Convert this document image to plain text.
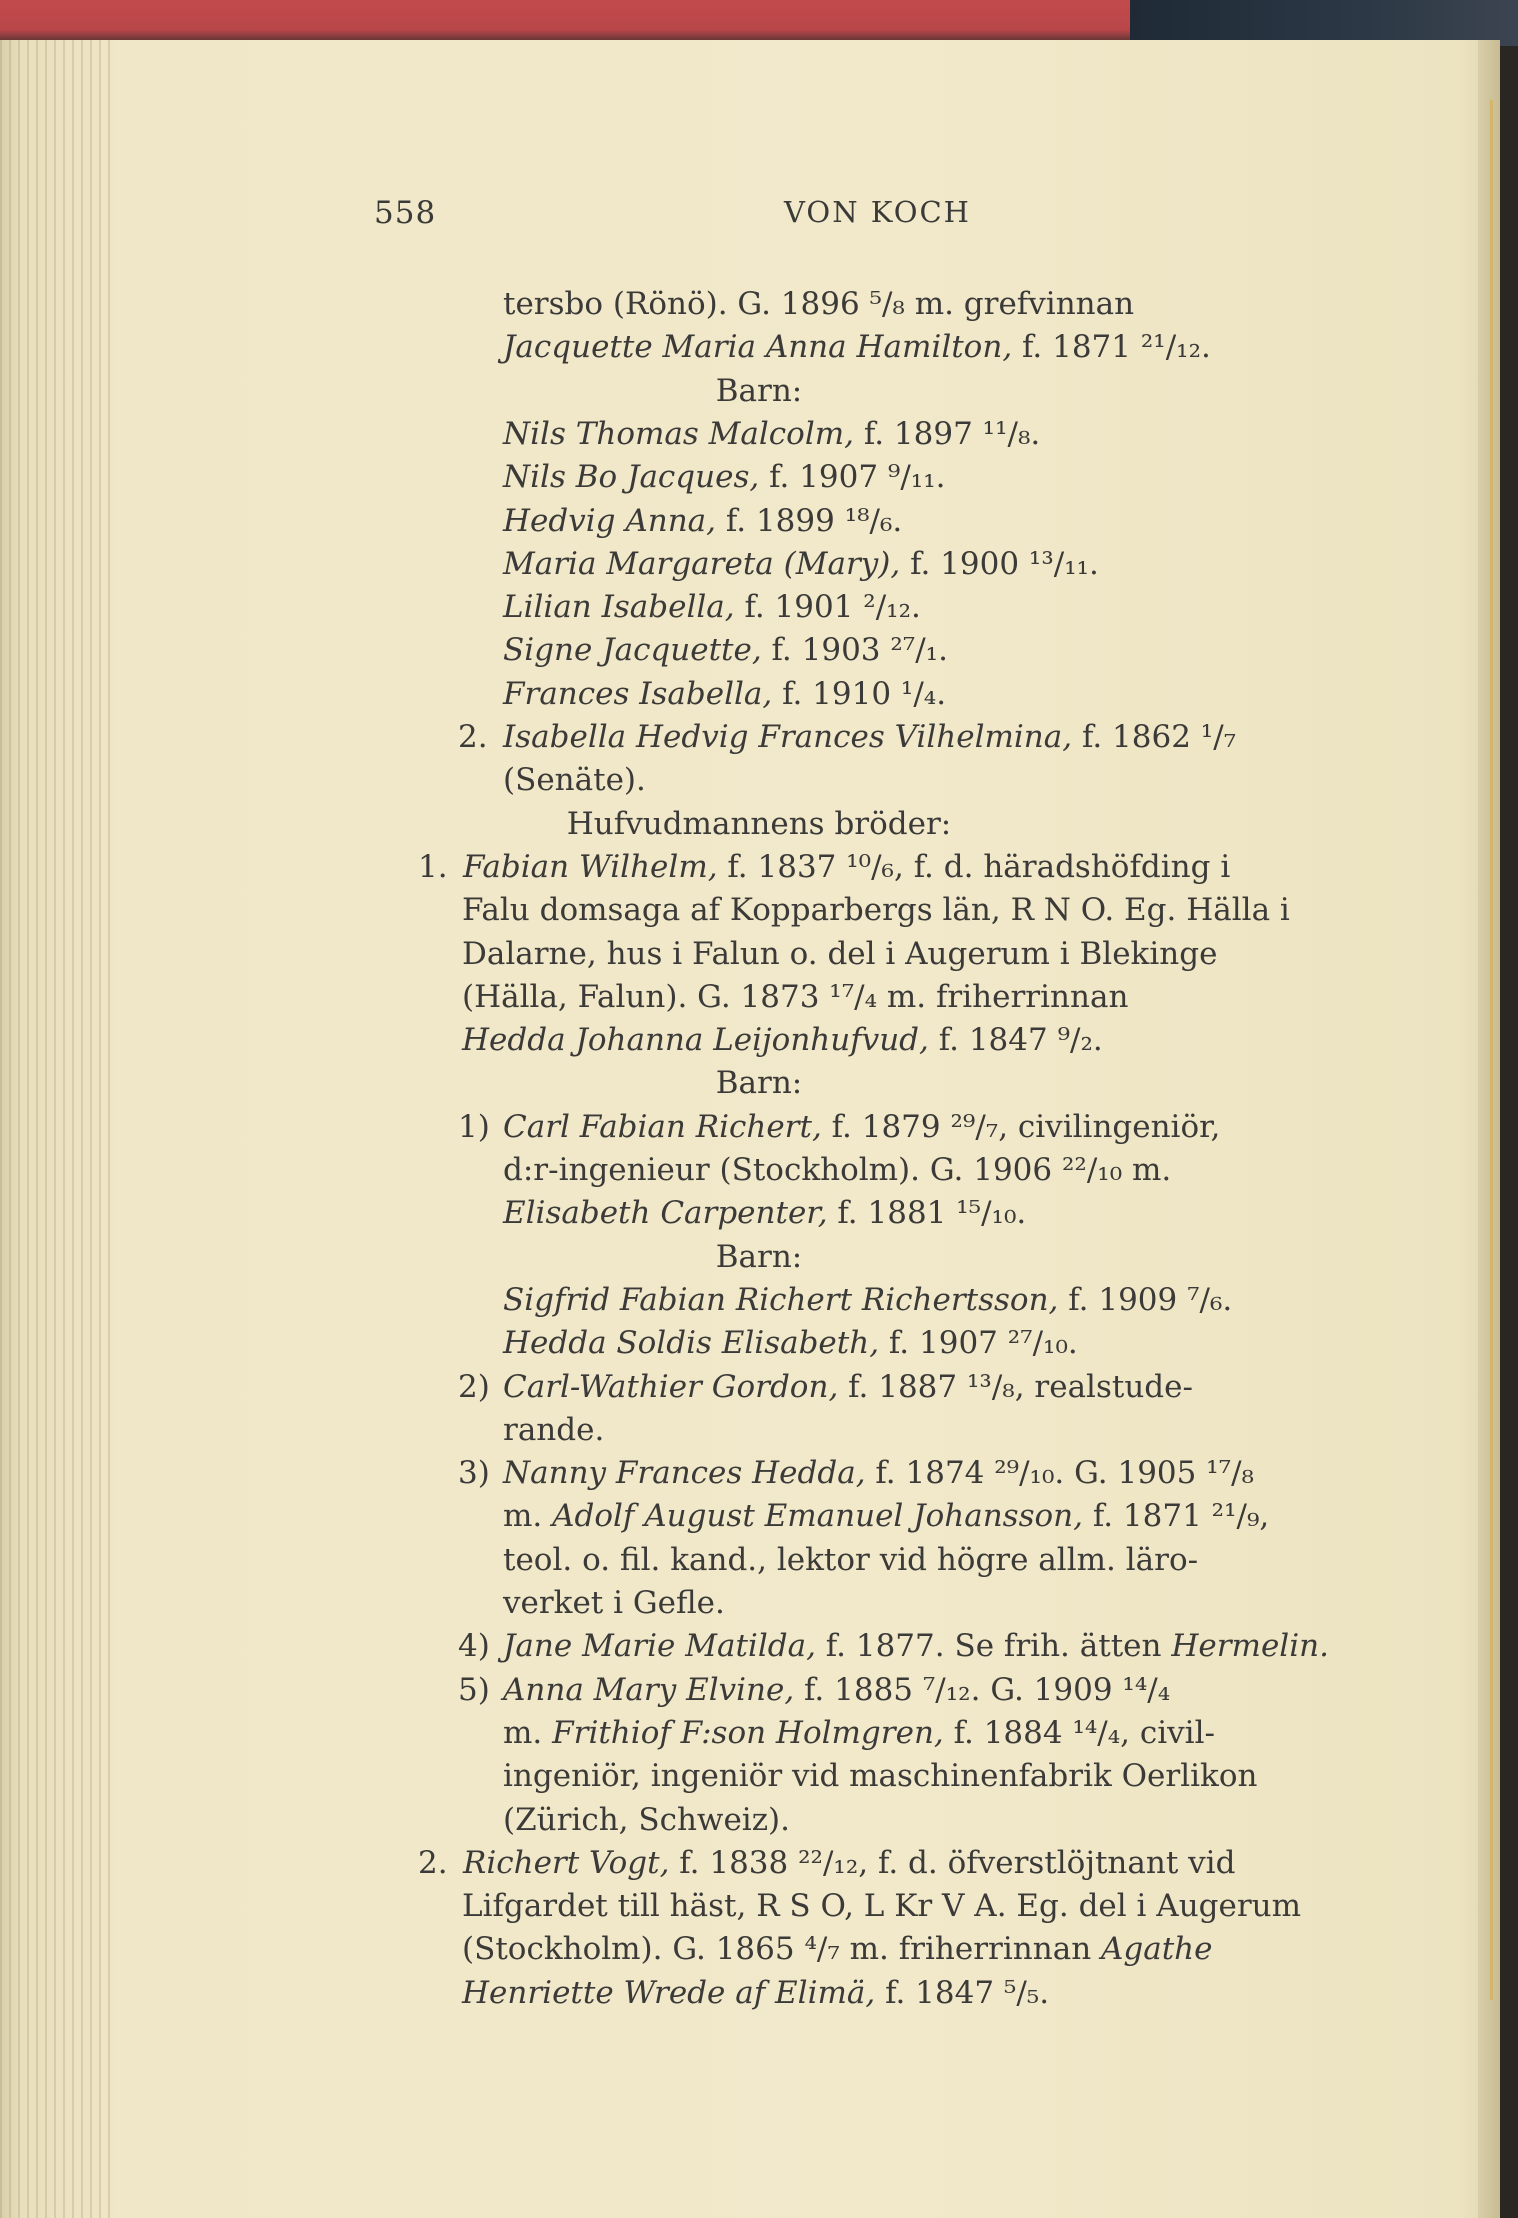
558	VON KOCH
tersbo (Rönö). G. 1896 ⁵/₈ m. grefvinnan
Jacquette Maria Anna Hamilton, f. 1871 ²¹/₁₂.
Barn:
Nils Thomas Malcolm, f. 1897 ¹¹/₈.
Nils Bo Jacques, f. 1907 ⁹/₁₁.
Hedvig Anna, f. 1899 ¹⁸/₆.
Maria Margareta (Mary), f. 1900 ¹³/₁₁.
Lilian Isabella, f. 1901 ²/₁₂.
Signe Jacquette, f. 1903 ²⁷/₁.
Frances Isabella, f. 1910 ¹/₄.
2. Isabella Hedvig Frances Vilhelmina, f. 1862 ¹/₇
(Senäte).
Hufvudmannens bröder:
1. Fabian Wilhelm, f. 1837 ¹⁰/₆, f. d. häradshöfding i
Falu domsaga af Kopparbergs län, R N O. Eg. Hälla i
Dalarne, hus i Falun o. del i Augerum i Blekinge
(Hälla, Falun). G. 1873 ¹⁷/₄ m. friherrinnan
Hedda Johanna Leijonhufvud, f. 1847 ⁹/₂.
Barn:
1) Carl Fabian Richert, f. 1879 ²⁹/₇, civilingeniör,
d:r-ingenieur (Stockholm). G. 1906 ²²/₁₀ m.
Elisabeth Carpenter, f. 1881 ¹⁵/₁₀.
Barn:
Sigfrid Fabian Richert Richertsson, f. 1909 ⁷/₆.
Hedda Soldis Elisabeth, f. 1907 ²⁷/₁₀.
2) Carl-Wathier Gordon, f. 1887 ¹³/₈, realstude-
rande.
3) Nanny Frances Hedda, f. 1874 ²⁹/₁₀. G. 1905 ¹⁷/₈
m. Adolf August Emanuel Johansson, f. 1871 ²¹/₉,
teol. o. fil. kand., lektor vid högre allm. läro-
verket i Gefle.
4) Jane Marie Matilda, f. 1877. Se frih. ätten Hermelin.
5) Anna Mary Elvine, f. 1885 ⁷/₁₂. G. 1909 ¹⁴/₄
m. Frithiof F:son Holmgren, f. 1884 ¹⁴/₄, civil-
ingeniör, ingeniör vid maschinenfabrik Oerlikon
(Zürich, Schweiz).
2. Richert Vogt, f. 1838 ²²/₁₂, f. d. öfverstlöjtnant vid
Lifgardet till häst, R S O, L Kr V A. Eg. del i Augerum
(Stockholm). G. 1865 ⁴/₇ m. friherrinnan Agathe
Henriette Wrede af Elimä, f. 1847 ⁵/₅.
